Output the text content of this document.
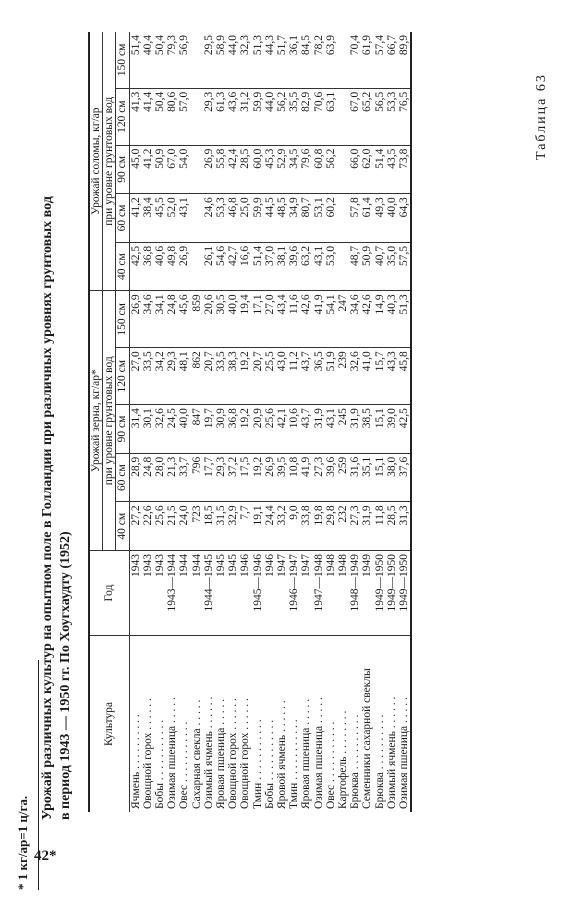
Таблица 63
Урожай различных культур на опытном поле в Голландии при различных уровнях грунтовых вод в период 1943 — 1950 гг. По Хоугхаудту (1952)	Культура	Год	Урожай зерна, кг/ар*					Урожай соломы, кг/ар				
		при уровне грунтовых вод					при уровне грунтовых вод				
		40 см	60 см	90 см	120 см	150 см	40 см	60 см	90 см	120 см	150 см
Ячмень . . . . . . . . . .	1943	27,2	28,9	31,4	27,0	26,9	42,5	41,2	45,0	41,3	51,4
Овощной горох . . . . . .	1943	22,6	24,8	30,1	33,5	34,6	36,8	38,4	41,2	41,4	40,4
Бобы . . . . . . . . . . .	1943	25,6	28,0	32,6	34,2	34,1	40,6	45,5	50,9	50,4	50,4
Озимая пшеница . . . . .	1943—1944	21,5	21,3	24,5	29,3	24,8	49,8	52,0	67,0	80,6	79,3
Овес . . . . . . . . . . .	1944	24,0	33,7	40,0	48,1	45,6	26,9	43,1	54,0	57,0	56,9
Сахарная свекла . . . . .	1944	723	796	847	862	859					
Озимый ячмень . . . . . .	1944—1945	18,5	17,7	19,7	20,7	20,6	26,1	24,6	26,9	29,3	29,5
Яровая пшеница . . . . .	1945	31,5	29,3	30,9	33,5	30,5	54,6	53,3	55,8	61,3	58,9
Овощной горох . . . . . .	1945	32,9	37,2	36,8	38,3	40,0	42,7	46,8	42,4	43,6	44,0
Овощной горох . . . . . .	1946	7,7	17,5	19,2	19,2	19,4	16,6	25,0	28,5	31,2	32,3
Тмин . . . . . . . . . . .	1945—1946	19,1	19,2	20,9	20,7	17,1	51,4	59,9	60,0	59,9	51,3
Бобы . . . . . . . . . . .	1946	24,4	26,9	25,6	25,5	27,0	37,0	44,5	45,3	44,0	44,3
Яровой ячмень . . . . . .	1947	33,2	39,5	42,1	43,0	43,4	38,1	48,5	52,9	56,2	51,7
Тмин . . . . . . . . . . .	1946—1947	9,0	10,8	10,6	11,2	11,6	39,6	34,9	34,5	35,5	36,1
Яровая пшеница . . . . .	1947	33,8	41,9	43,7	43,7	42,6	63,2	80,7	79,6	82,9	84,5
Озимая пшеница . . . . .	1947—1948	19,8	27,3	31,9	36,5	41,9	43,1	53,1	60,8	70,6	78,2
Овес . . . . . . . . . . .	1948	29,8	39,6	43,1	51,9	54,1	53,0	60,2	56,2	63,1	63,9
Картофель . . . . . . . .	1948	232	259	245	239	247					
Брюква . . . . . . . . . .	1948—1949	27,3	31,6	31,9	32,6	34,6	48,7	57,8	66,0	67,0	70,4
Семенники сахарной свеклы	1949	31,9	35,1	38,5	41,0	42,6	50,9	61,4	62,0	65,2	61,9
Брюква . . . . . . . . . .	1949—1950	11,8	15,1	15,1	15,7	14,9	40,7	49,3	51,4	56,5	57,4
Озимый ячмень . . . . . .	1949—1950	28,5	38,0	39,0	43,3	40,3	35,0	40,0	43,5	53,3	66,7
Озимая пшеница . . . . .	1949—1950	31,3	37,6	42,5	45,8	51,3	57,5	64,3	73,8	76,5	89,9
42*
* 1 кг/ар=1 ц/га.
